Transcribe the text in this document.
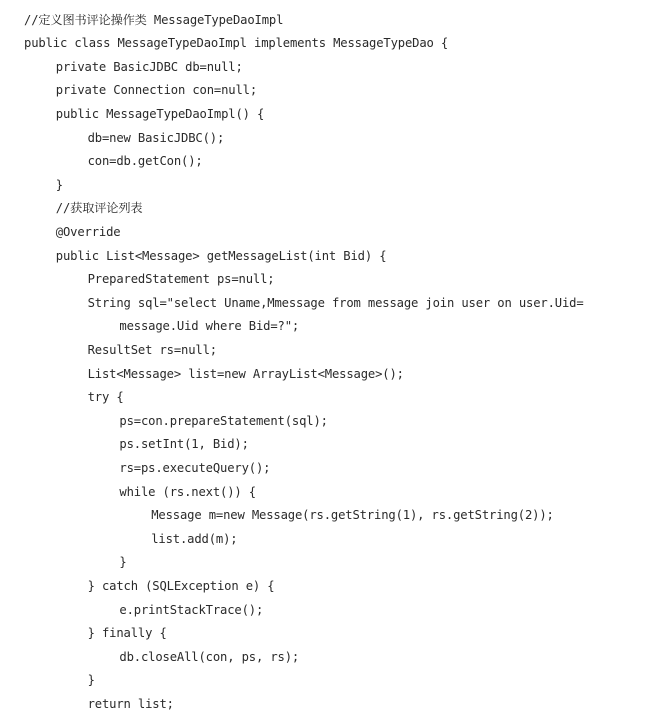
//定义图书评论操作类 MessageTypeDaoImpl
public class MessageTypeDaoImpl implements MessageTypeDao {
private BasicJDBC db=null;
private Connection con=null;
public MessageTypeDaoImpl() {
db=new BasicJDBC();
con=db.getCon();
}
//获取评论列表
@Override
public List<Message> getMessageList(int Bid) {
PreparedStatement ps=null;
String sql="select Uname,Mmessage from message join user on user.Uid=
message.Uid where Bid=?";
ResultSet rs=null;
List<Message> list=new ArrayList<Message>();
try {
ps=con.prepareStatement(sql);
ps.setInt(1, Bid);
rs=ps.executeQuery();
while (rs.next()) {
Message m=new Message(rs.getString(1), rs.getString(2));
list.add(m);
}
} catch (SQLException e) {
e.printStackTrace();
} finally {
db.closeAll(con, ps, rs);
}
return list;
